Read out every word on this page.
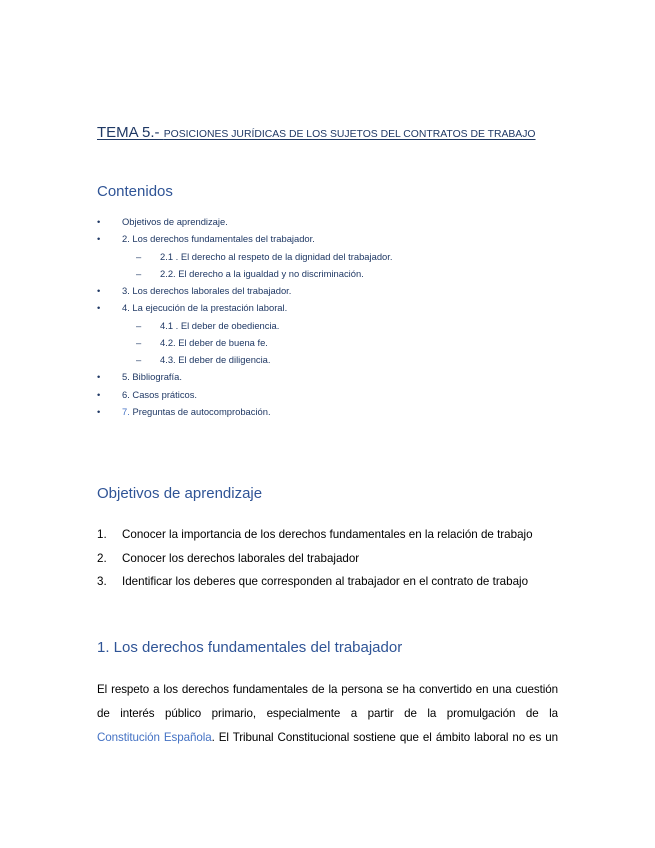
TEMA 5.- POSICIONES JURÍDICAS DE LOS SUJETOS DEL CONTRATOS DE TRABAJO
Contenidos
• Objetivos de aprendizaje.
• 2. Los derechos fundamentales del trabajador.
– 2.1 . El derecho al respeto de la dignidad del trabajador.
– 2.2. El derecho a la igualdad y no discriminación.
• 3. Los derechos laborales del trabajador.
• 4. La ejecución de la prestación laboral.
– 4.1 . El deber de obediencia.
– 4.2. El deber de buena fe.
– 4.3. El deber de diligencia.
• 5. Bibliografía.
• 6. Casos práticos.
• 7. Preguntas de autocomprobación.
Objetivos de aprendizaje
1. Conocer la importancia de los derechos fundamentales en la relación de trabajo
2. Conocer los derechos laborales del trabajador
3. Identificar los deberes que corresponden al trabajador en el contrato de trabajo
1. Los derechos fundamentales del trabajador
El respeto a los derechos fundamentales de la persona se ha convertido en una cuestión
de interés público primario, especialmente a partir de la promulgación de la
Constitución Española. El Tribunal Constitucional sostiene que el ámbito laboral no es un
